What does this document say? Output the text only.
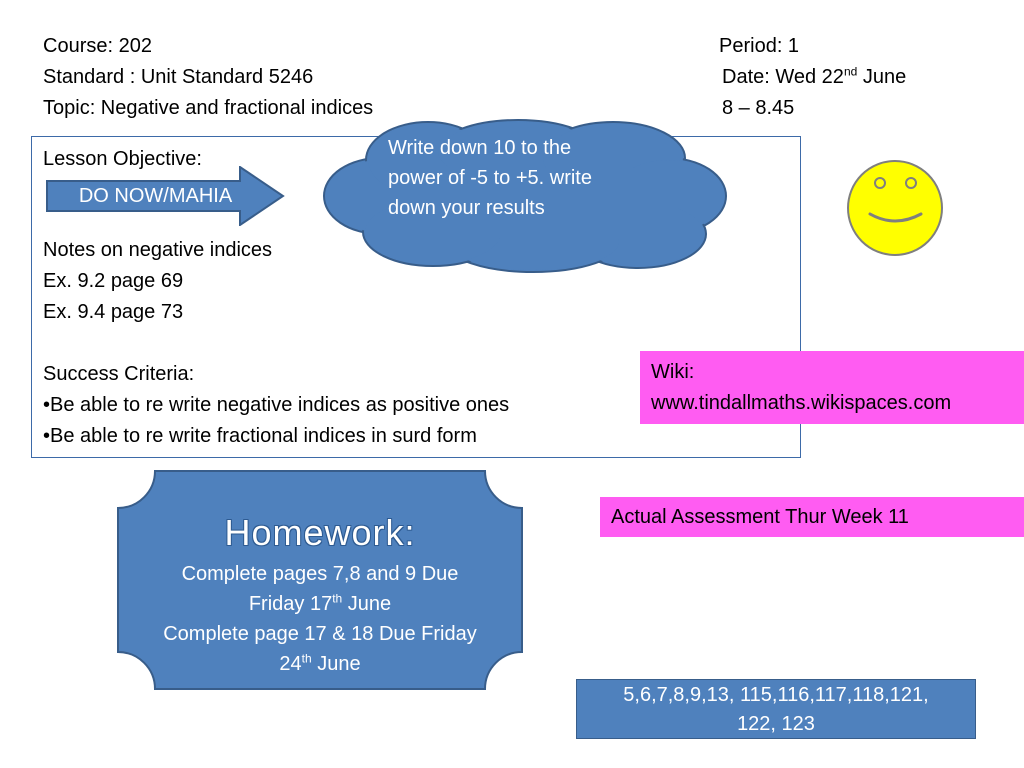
Course: 202
Standard : Unit Standard 5246
Topic: Negative and fractional indices
Period: 1
Date: Wed 22nd June
8 – 8.45
Lesson Objective:
Notes on negative indices
Ex. 9.2 page 69
Ex. 9.4 page 73
Success Criteria:
•Be able to re write negative indices as positive ones
•Be able to re write fractional indices in surd form
DO NOW/MAHIA
Write down 10 to the power of -5 to +5. write down your results
Wiki:
www.tindallmaths.wikispaces.com
Actual Assessment Thur Week 11
Homework:
Complete pages 7,8 and 9 Due
Friday 17th June
Complete page 17 & 18 Due Friday
24th June
5,6,7,8,9,13, 115,116,117,118,121,
122, 123
